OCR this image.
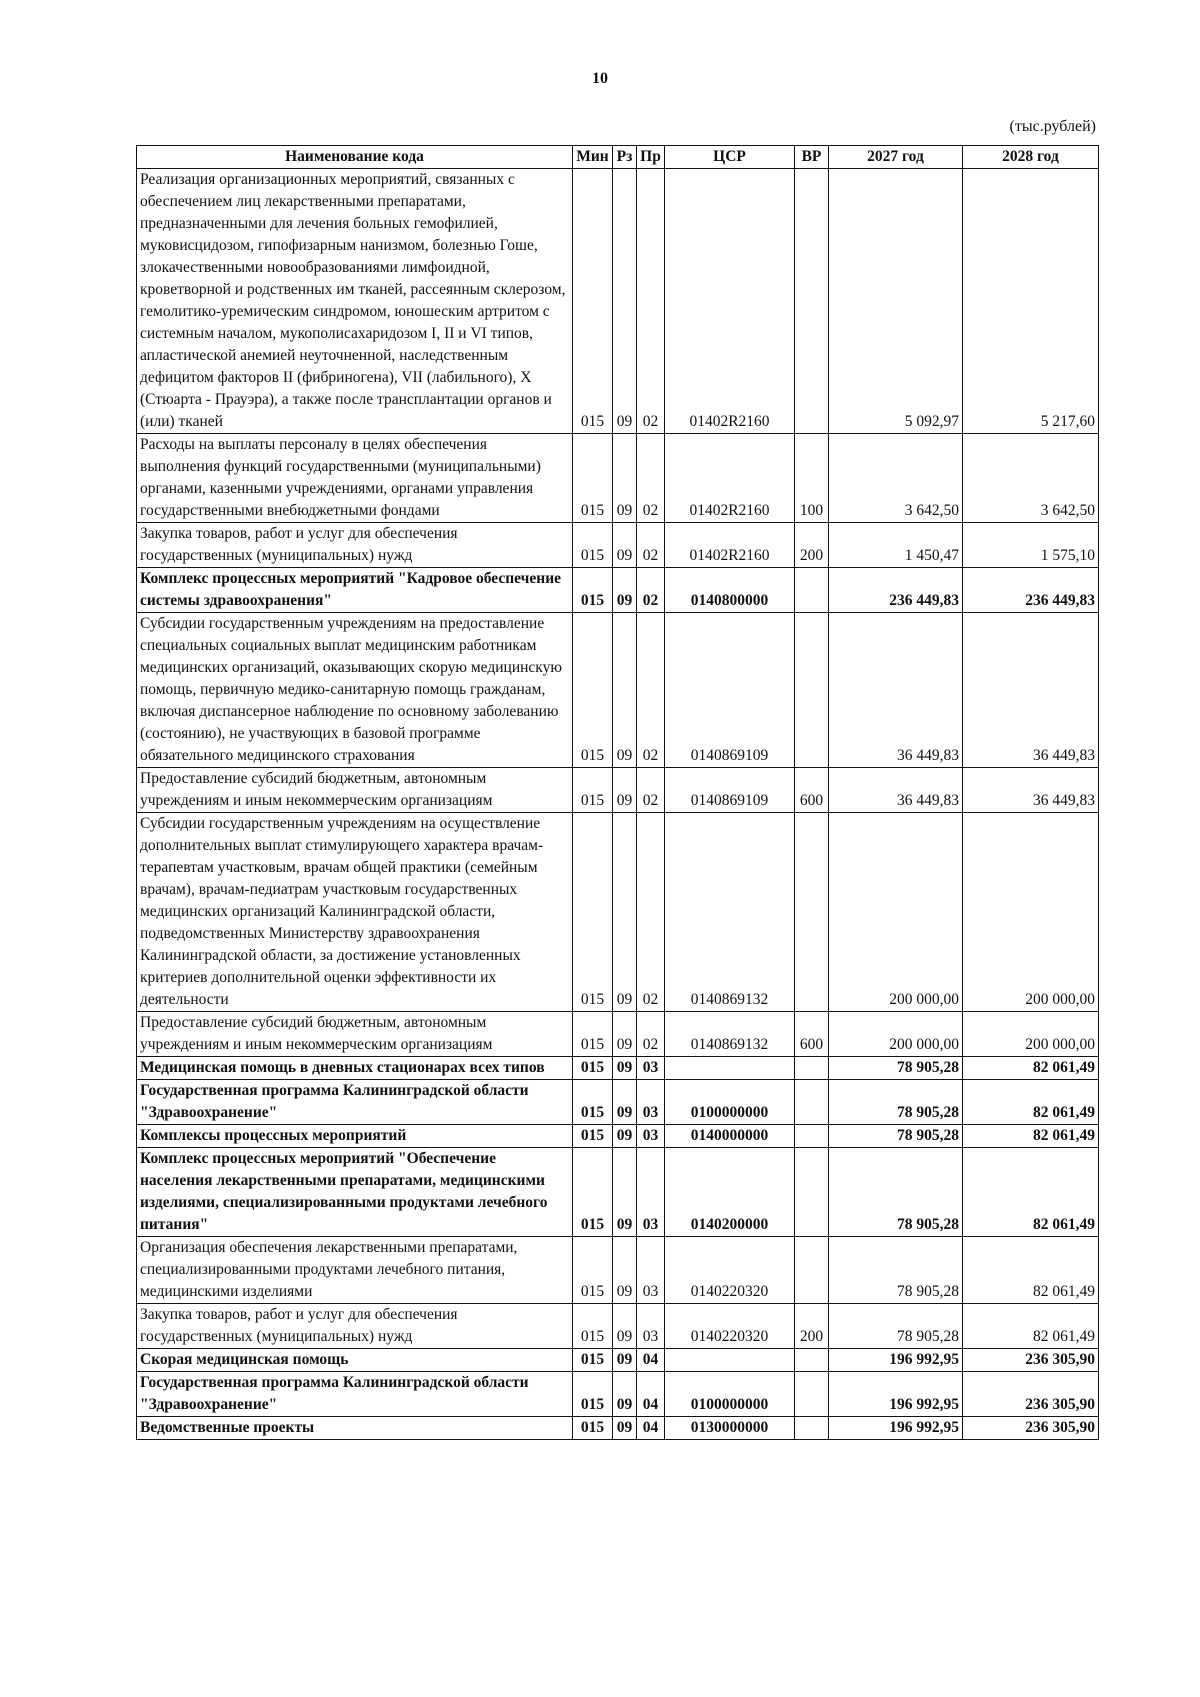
10
(тыс.рублей)
Наименование кода	Мин	Рз	Пр	ЦСР	ВР	2027 год	2028 год
Реализация организационных мероприятий, связанных с обеспечением лиц лекарственными препаратами, предназначенными для лечения больных гемофилией, муковисцидозом, гипофизарным нанизмом, болезнью Гоше, злокачественными новообразованиями лимфоидной, кроветворной и родственных им тканей, рассеянным склерозом, гемолитико-уремическим синдромом, юношеским артритом с системным началом, мукополисахаридозом I, II и VI типов, апластической анемией неуточненной, наследственным дефицитом факторов II (фибриногена), VII (лабильного), X (Стюарта - Прауэра), а также после трансплантации органов и (или) тканей	015	09	02	01402R2160		5 092,97	5 217,60
Расходы на выплаты персоналу в целях обеспечения выполнения функций государственными (муниципальными) органами, казенными учреждениями, органами управления государственными внебюджетными фондами	015	09	02	01402R2160	100	3 642,50	3 642,50
Закупка товаров, работ и услуг для обеспечения государственных (муниципальных) нужд	015	09	02	01402R2160	200	1 450,47	1 575,10
Комплекс процессных мероприятий "Кадровое обеспечение системы здравоохранения"	015	09	02	0140800000		236 449,83	236 449,83
Субсидии государственным учреждениям на предоставление специальных социальных выплат медицинским работникам медицинских организаций, оказывающих скорую медицинскую помощь, первичную медико-санитарную помощь гражданам, включая диспансерное наблюдение по основному заболеванию (состоянию), не участвующих в базовой программе обязательного медицинского страхования	015	09	02	0140869109		36 449,83	36 449,83
Предоставление субсидий бюджетным, автономным учреждениям и иным некоммерческим организациям	015	09	02	0140869109	600	36 449,83	36 449,83
Субсидии государственным учреждениям на осуществление дополнительных выплат стимулирующего характера врачам-терапевтам участковым, врачам общей практики (семейным врачам), врачам-педиатрам участковым государственных медицинских организаций Калининградской области, подведомственных Министерству здравоохранения Калининградской области, за достижение установленных критериев дополнительной оценки эффективности их деятельности	015	09	02	0140869132		200 000,00	200 000,00
Предоставление субсидий бюджетным, автономным учреждениям и иным некоммерческим организациям	015	09	02	0140869132	600	200 000,00	200 000,00
Медицинская помощь в дневных стационарах всех типов	015	09	03			78 905,28	82 061,49
Государственная программа Калининградской области "Здравоохранение"	015	09	03	0100000000		78 905,28	82 061,49
Комплексы процессных мероприятий	015	09	03	0140000000		78 905,28	82 061,49
Комплекс процессных мероприятий "Обеспечение населения лекарственными препаратами, медицинскими изделиями, специализированными продуктами лечебного питания"	015	09	03	0140200000		78 905,28	82 061,49
Организация обеспечения лекарственными препаратами, специализированными продуктами лечебного питания, медицинскими изделиями	015	09	03	0140220320		78 905,28	82 061,49
Закупка товаров, работ и услуг для обеспечения государственных (муниципальных) нужд	015	09	03	0140220320	200	78 905,28	82 061,49
Скорая медицинская помощь	015	09	04			196 992,95	236 305,90
Государственная программа Калининградской области "Здравоохранение"	015	09	04	0100000000		196 992,95	236 305,90
Ведомственные проекты	015	09	04	0130000000		196 992,95	236 305,90
